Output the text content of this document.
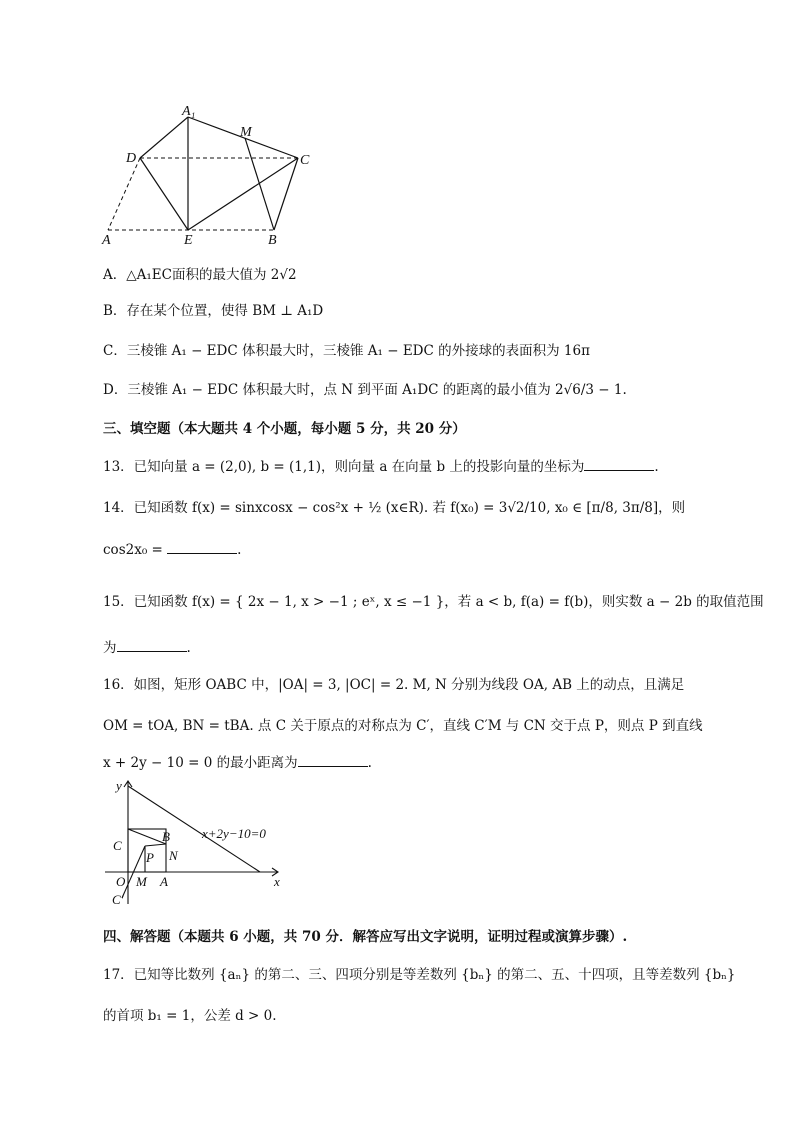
A₁
M
D	C
A	E	B
A．△A₁EC面积的最大值为 2√2
B．存在某个位置，使得 BM ⊥ A₁D
C．三棱锥 A₁ − EDC 体积最大时，三棱锥 A₁ − EDC 的外接球的表面积为 16π
D．三棱锥 A₁ − EDC 体积最大时，点 N 到平面 A₁DC 的距离的最小值为 2√6/3 − 1.
三、填空题（本大题共 4 个小题，每小题 5 分，共 20 分）
13．已知向量 a = (2,0), b = (1,1)，则向量 a 在向量 b 上的投影向量的坐标为	.
14．已知函数 f(x) = sinxcosx − cos²x + ½ (x∈R). 若 f(x₀) = 3√2/10, x₀ ∈ [π/8, 3π/8]，则
cos2x₀ =	.
15．已知函数 f(x) = { 2x − 1, x > −1 ; eˣ, x ≤ −1 }，若 a < b, f(a) = f(b)，则实数 a − 2b 的取值范围
为	.
16．如图，矩形 OABC 中，|OA| = 3, |OC| = 2. M, N 分别为线段 OA, AB 上的动点，且满足
OM = tOA, BN = tBA. 点 C 关于原点的对称点为 C′，直线 C′M 与 CN 交于点 P，则点 P 到直线
x + 2y − 10 = 0 的最小距离为	.
y
x
C
B
P N
O M A
C′
x+2y−10=0
四、解答题（本题共 6 小题，共 70 分．解答应写出文字说明，证明过程或演算步骤）.
17．已知等比数列 {aₙ} 的第二、三、四项分别是等差数列 {bₙ} 的第二、五、十四项，且等差数列 {bₙ}
的首项 b₁ = 1，公差 d > 0.
